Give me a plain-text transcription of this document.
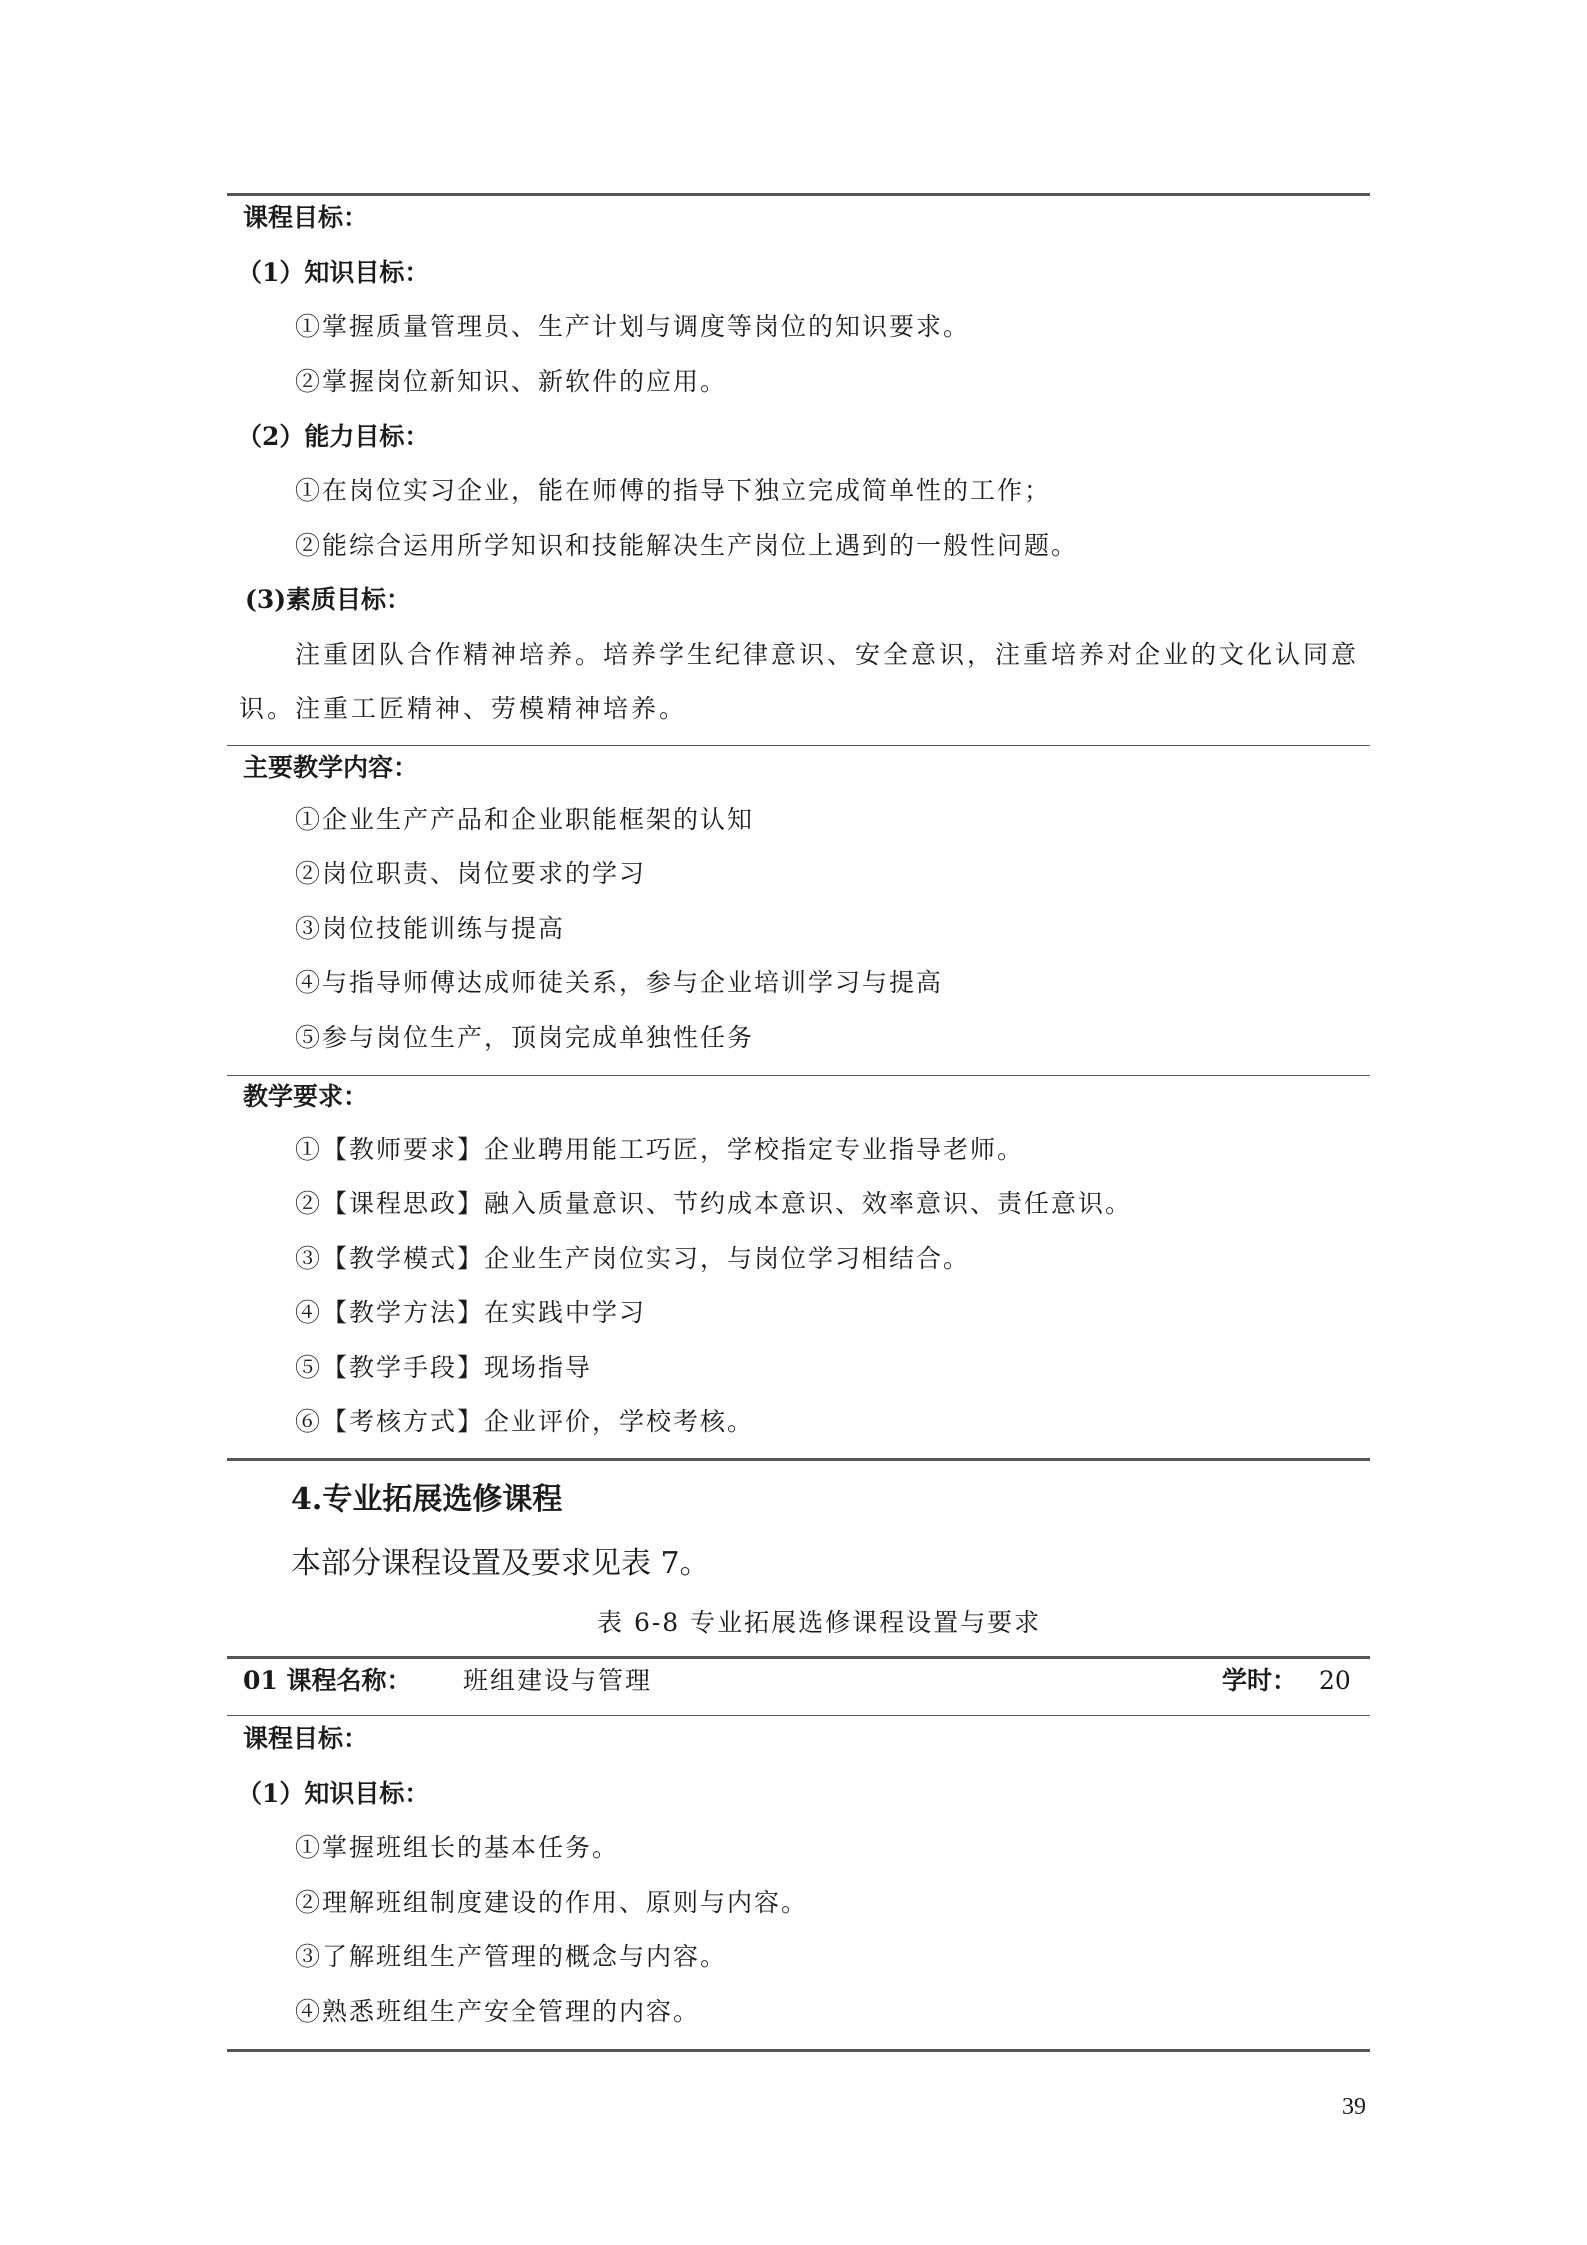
课程目标：
（1）知识目标：
①掌握质量管理员、生产计划与调度等岗位的知识要求。
②掌握岗位新知识、新软件的应用。
（2）能力目标：
①在岗位实习企业，能在师傅的指导下独立完成简单性的工作；
②能综合运用所学知识和技能解决生产岗位上遇到的一般性问题。
(3)素质目标：
注重团队合作精神培养。培养学生纪律意识、安全意识，注重培养对企业的文化认同意
识。注重工匠精神、劳模精神培养。
主要教学内容：
①企业生产产品和企业职能框架的认知
②岗位职责、岗位要求的学习
③岗位技能训练与提高
④与指导师傅达成师徒关系，参与企业培训学习与提高
⑤参与岗位生产，顶岗完成单独性任务
教学要求：
①【教师要求】企业聘用能工巧匠，学校指定专业指导老师。
②【课程思政】融入质量意识、节约成本意识、效率意识、责任意识。
③【教学模式】企业生产岗位实习，与岗位学习相结合。
④【教学方法】在实践中学习
⑤【教学手段】现场指导
⑥【考核方式】企业评价，学校考核。
4.专业拓展选修课程
本部分课程设置及要求见表 7。
表 6-8 专业拓展选修课程设置与要求
01 课程名称： 班组建设与管理	学时： 20
课程目标：
（1）知识目标：
①掌握班组长的基本任务。
②理解班组制度建设的作用、原则与内容。
③了解班组生产管理的概念与内容。
④熟悉班组生产安全管理的内容。
39
